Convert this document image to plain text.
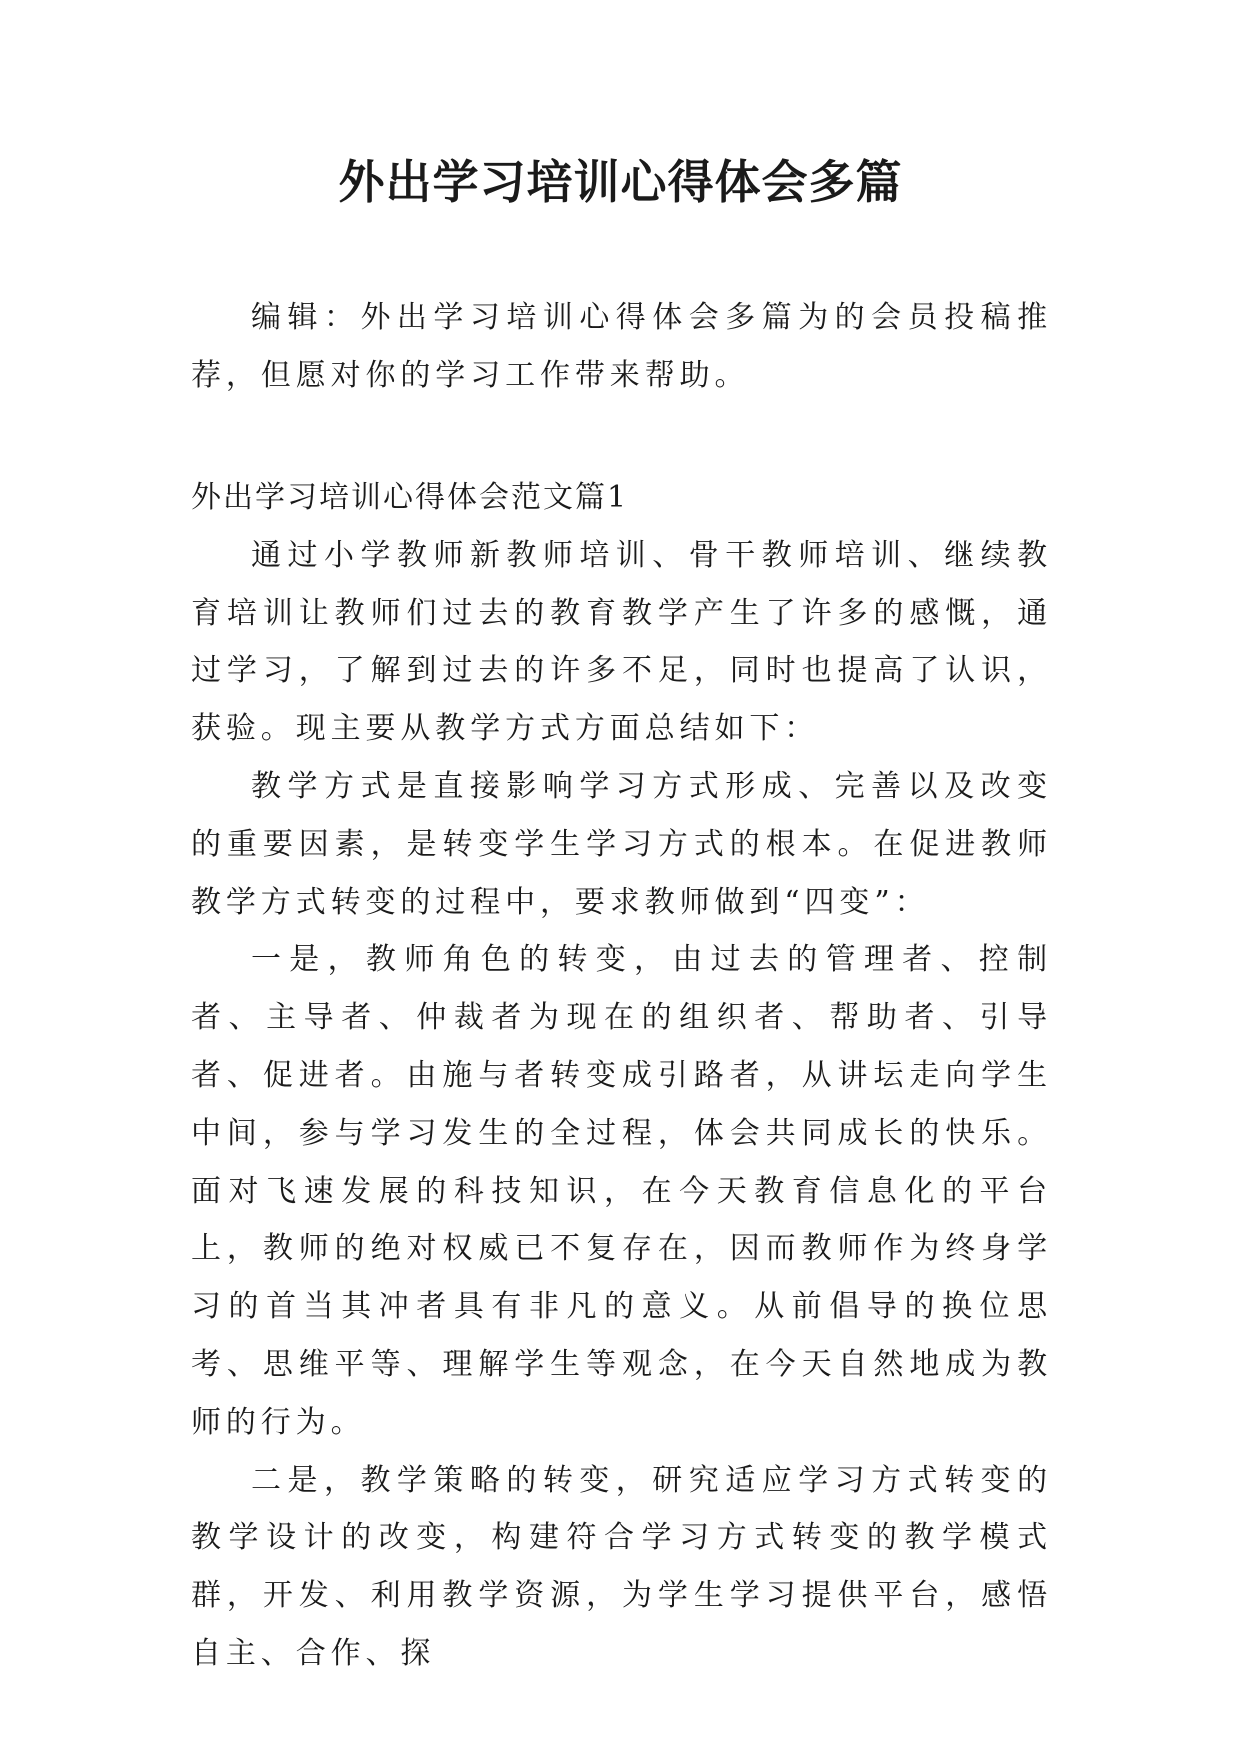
外出学习培训心得体会多篇

编辑：外出学习培训心得体会多篇为的会员投稿推荐，但愿对你的学习工作带来帮助。

外出学习培训心得体会范文篇1

通过小学教师新教师培训、骨干教师培训、继续教育培训让教师们过去的教育教学产生了许多的感慨，通过学习，了解到过去的许多不足，同时也提高了认识，获验。现主要从教学方式方面总结如下：

教学方式是直接影响学习方式形成、完善以及改变的重要因素，是转变学生学习方式的根本。在促进教师教学方式转变的过程中，要求教师做到“四变”：

一是，教师角色的转变，由过去的管理者、控制者、主导者、仲裁者为现在的组织者、帮助者、引导者、促进者。由施与者转变成引路者，从讲坛走向学生中间，参与学习发生的全过程，体会共同成长的快乐。面对飞速发展的科技知识，在今天教育信息化的平台上，教师的绝对权威已不复存在，因而教师作为终身学习的首当其冲者具有非凡的意义。从前倡导的换位思考、思维平等、理解学生等观念，在今天自然地成为教师的行为。

二是，教学策略的转变，研究适应学习方式转变的教学设计的改变，构建符合学习方式转变的教学模式群，开发、利用教学资源，为学生学习提供平台，感悟自主、合作、探
